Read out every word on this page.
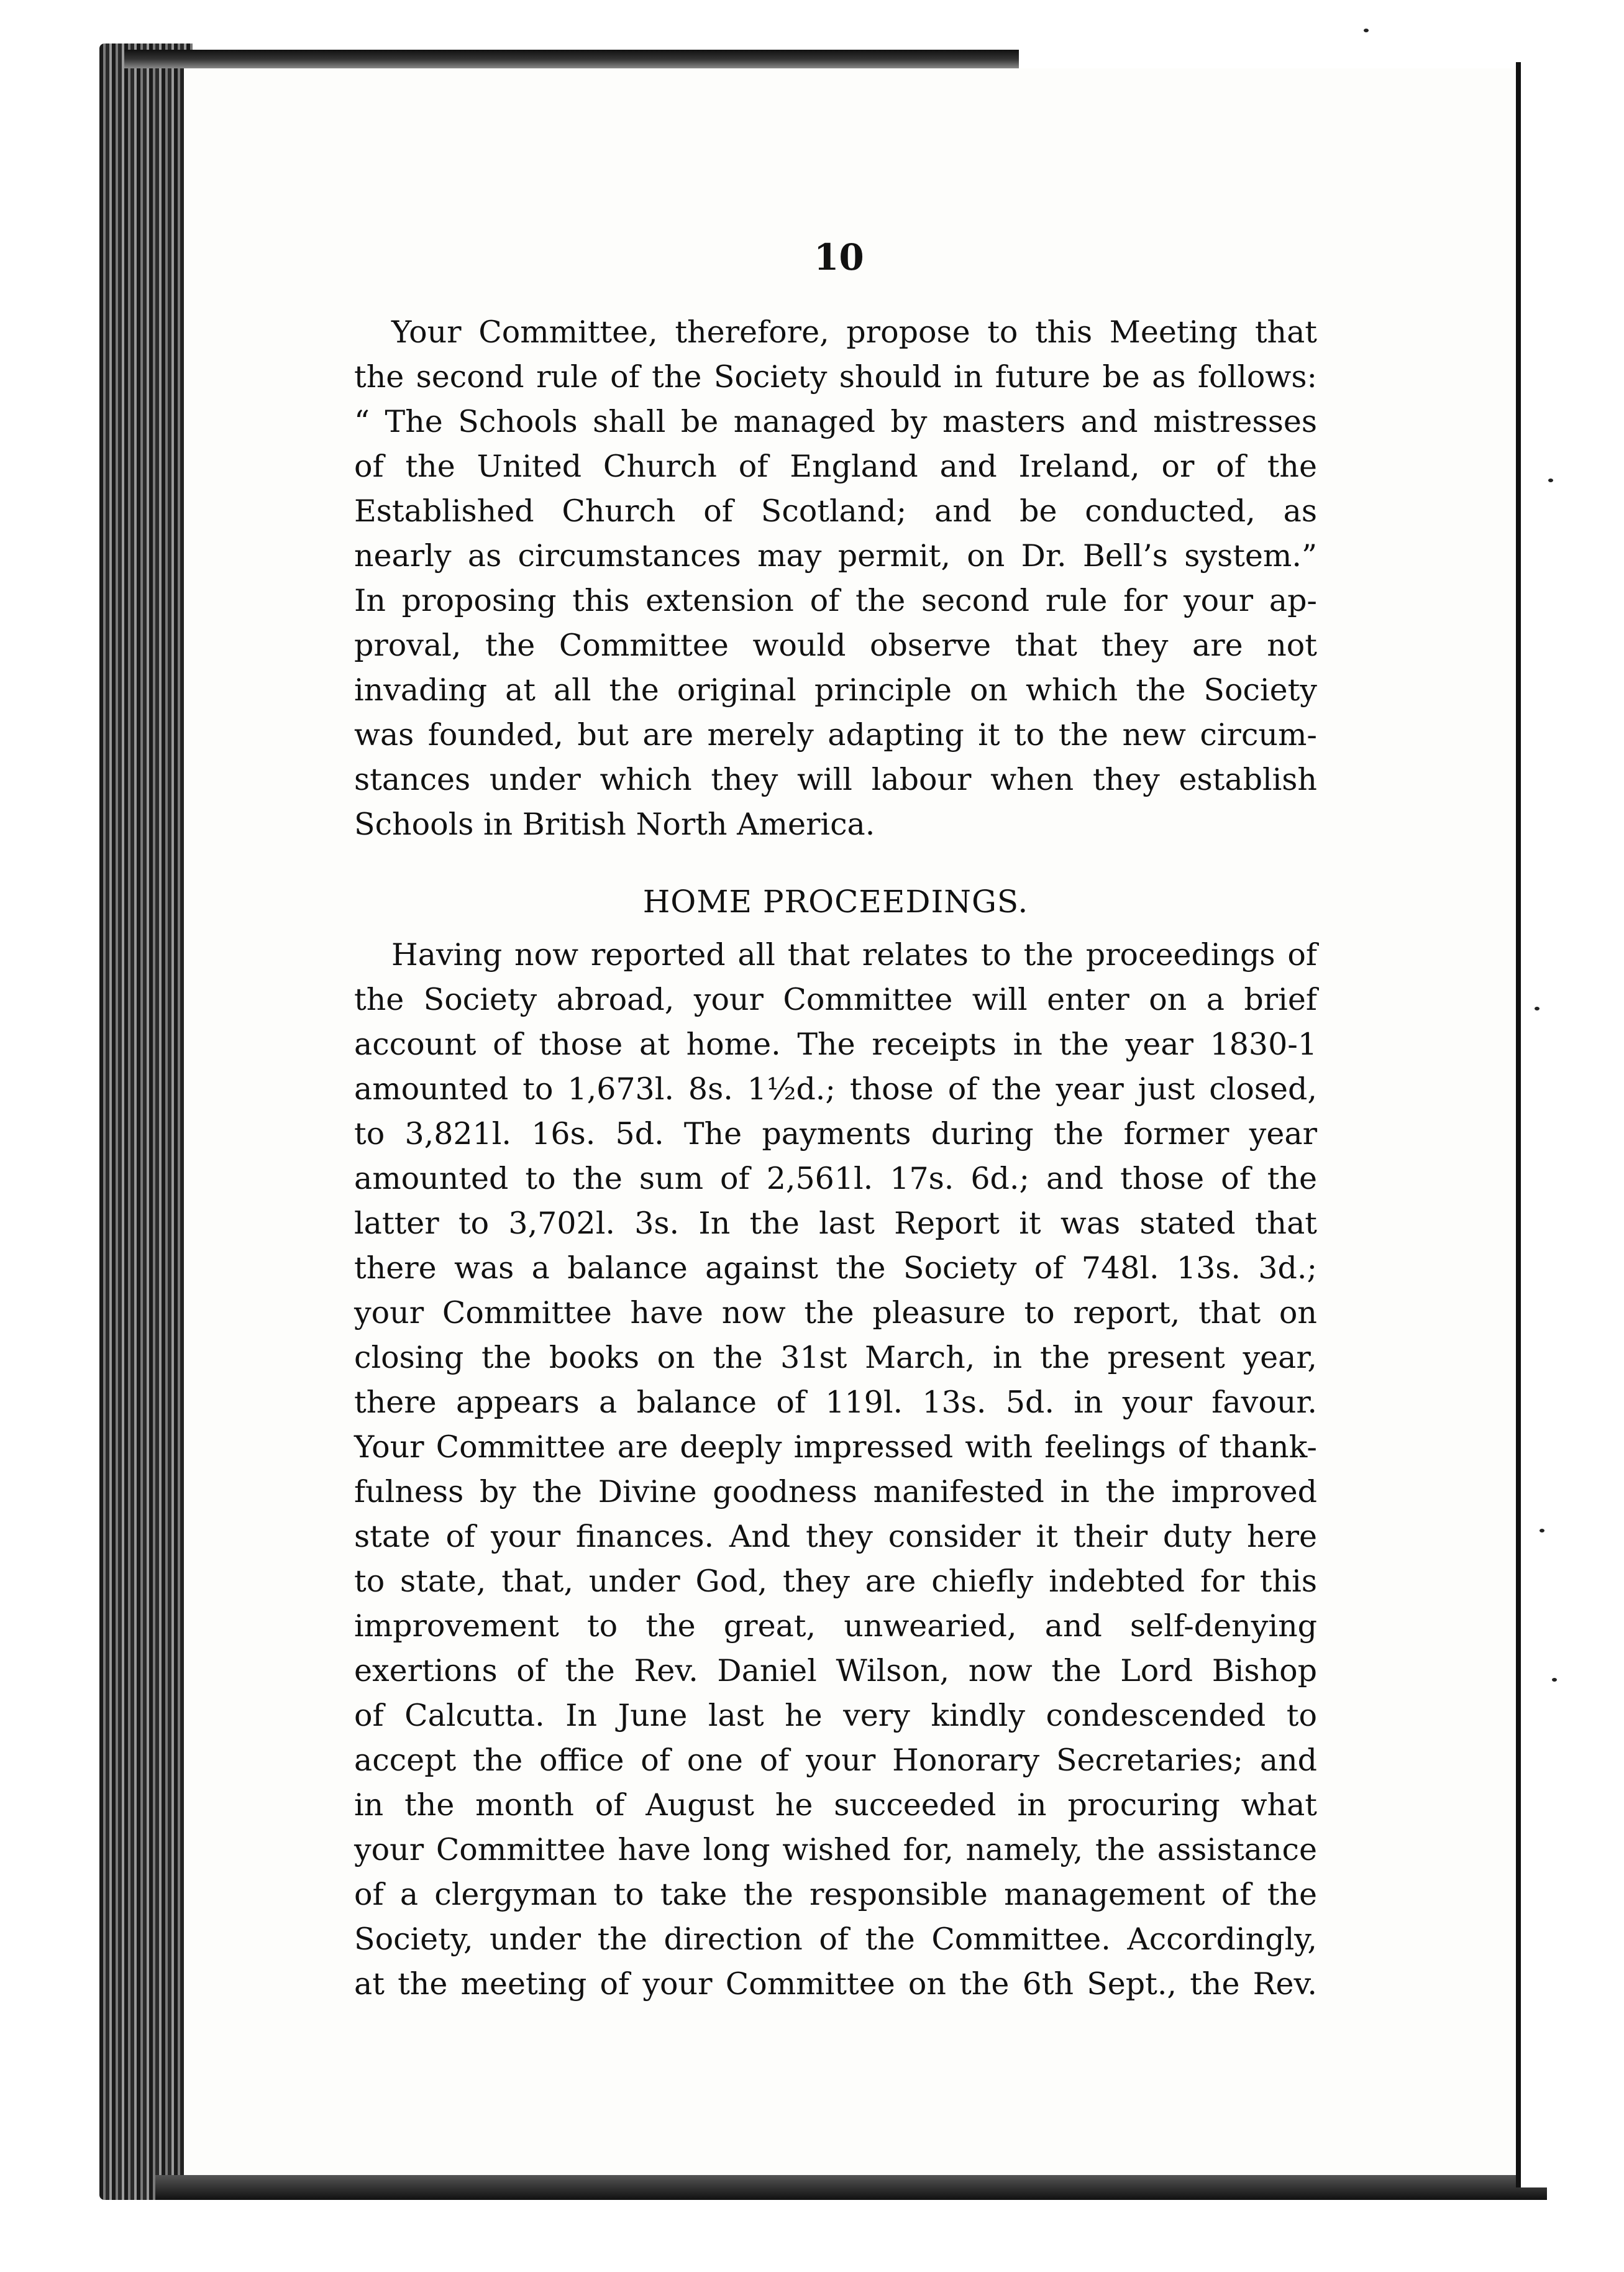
10
Your Committee, therefore, propose to this Meeting that
the second rule of the Society should in future be as follows:
“ The Schools shall be managed by masters and mistresses
of the United Church of England and Ireland, or of the
Established Church of Scotland; and be conducted, as
nearly as circumstances may permit, on Dr. Bell’s system.”
In proposing this extension of the second rule for your ap-
proval, the Committee would observe that they are not
invading at all the original principle on which the Society
was founded, but are merely adapting it to the new circum-
stances under which they will labour when they establish
Schools in British North America.
HOME PROCEEDINGS.
Having now reported all that relates to the proceedings of
the Society abroad, your Committee will enter on a brief
account of those at home. The receipts in the year 1830-1
amounted to 1,673l. 8s. 1½d.; those of the year just closed,
to 3,821l. 16s. 5d. The payments during the former year
amounted to the sum of 2,561l. 17s. 6d.; and those of the
latter to 3,702l. 3s. In the last Report it was stated that
there was a balance against the Society of 748l. 13s. 3d.;
your Committee have now the pleasure to report, that on
closing the books on the 31st March, in the present year,
there appears a balance of 119l. 13s. 5d. in your favour.
Your Committee are deeply impressed with feelings of thank-
fulness by the Divine goodness manifested in the improved
state of your finances. And they consider it their duty here
to state, that, under God, they are chiefly indebted for this
improvement to the great, unwearied, and self-denying
exertions of the Rev. Daniel Wilson, now the Lord Bishop
of Calcutta. In June last he very kindly condescended to
accept the office of one of your Honorary Secretaries; and
in the month of August he succeeded in procuring what
your Committee have long wished for, namely, the assistance
of a clergyman to take the responsible management of the
Society, under the direction of the Committee. Accordingly,
at the meeting of your Committee on the 6th Sept., the Rev.
